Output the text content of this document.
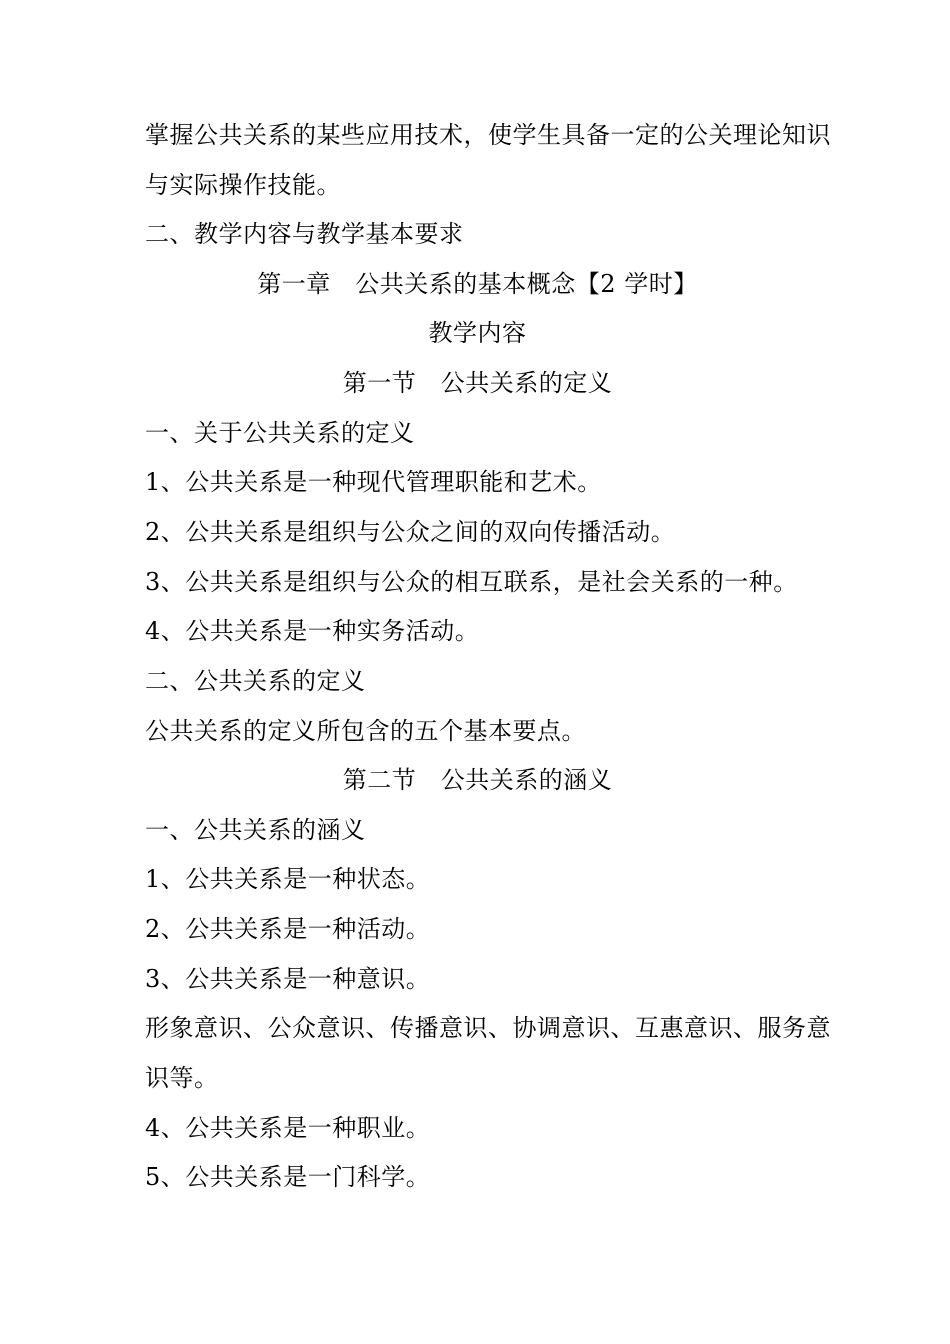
掌握公共关系的某些应用技术，使学生具备一定的公关理论知识
与实际操作技能。
二、教学内容与教学基本要求
第一章　公共关系的基本概念【2 学时】
教学内容
第一节　公共关系的定义
一、关于公共关系的定义
1、公共关系是一种现代管理职能和艺术。
2、公共关系是组织与公众之间的双向传播活动。
3、公共关系是组织与公众的相互联系，是社会关系的一种。
4、公共关系是一种实务活动。
二、公共关系的定义
公共关系的定义所包含的五个基本要点。
第二节　公共关系的涵义
一、公共关系的涵义
1、公共关系是一种状态。
2、公共关系是一种活动。
3、公共关系是一种意识。
形象意识、公众意识、传播意识、协调意识、互惠意识、服务意
识等。
4、公共关系是一种职业。
5、公共关系是一门科学。
